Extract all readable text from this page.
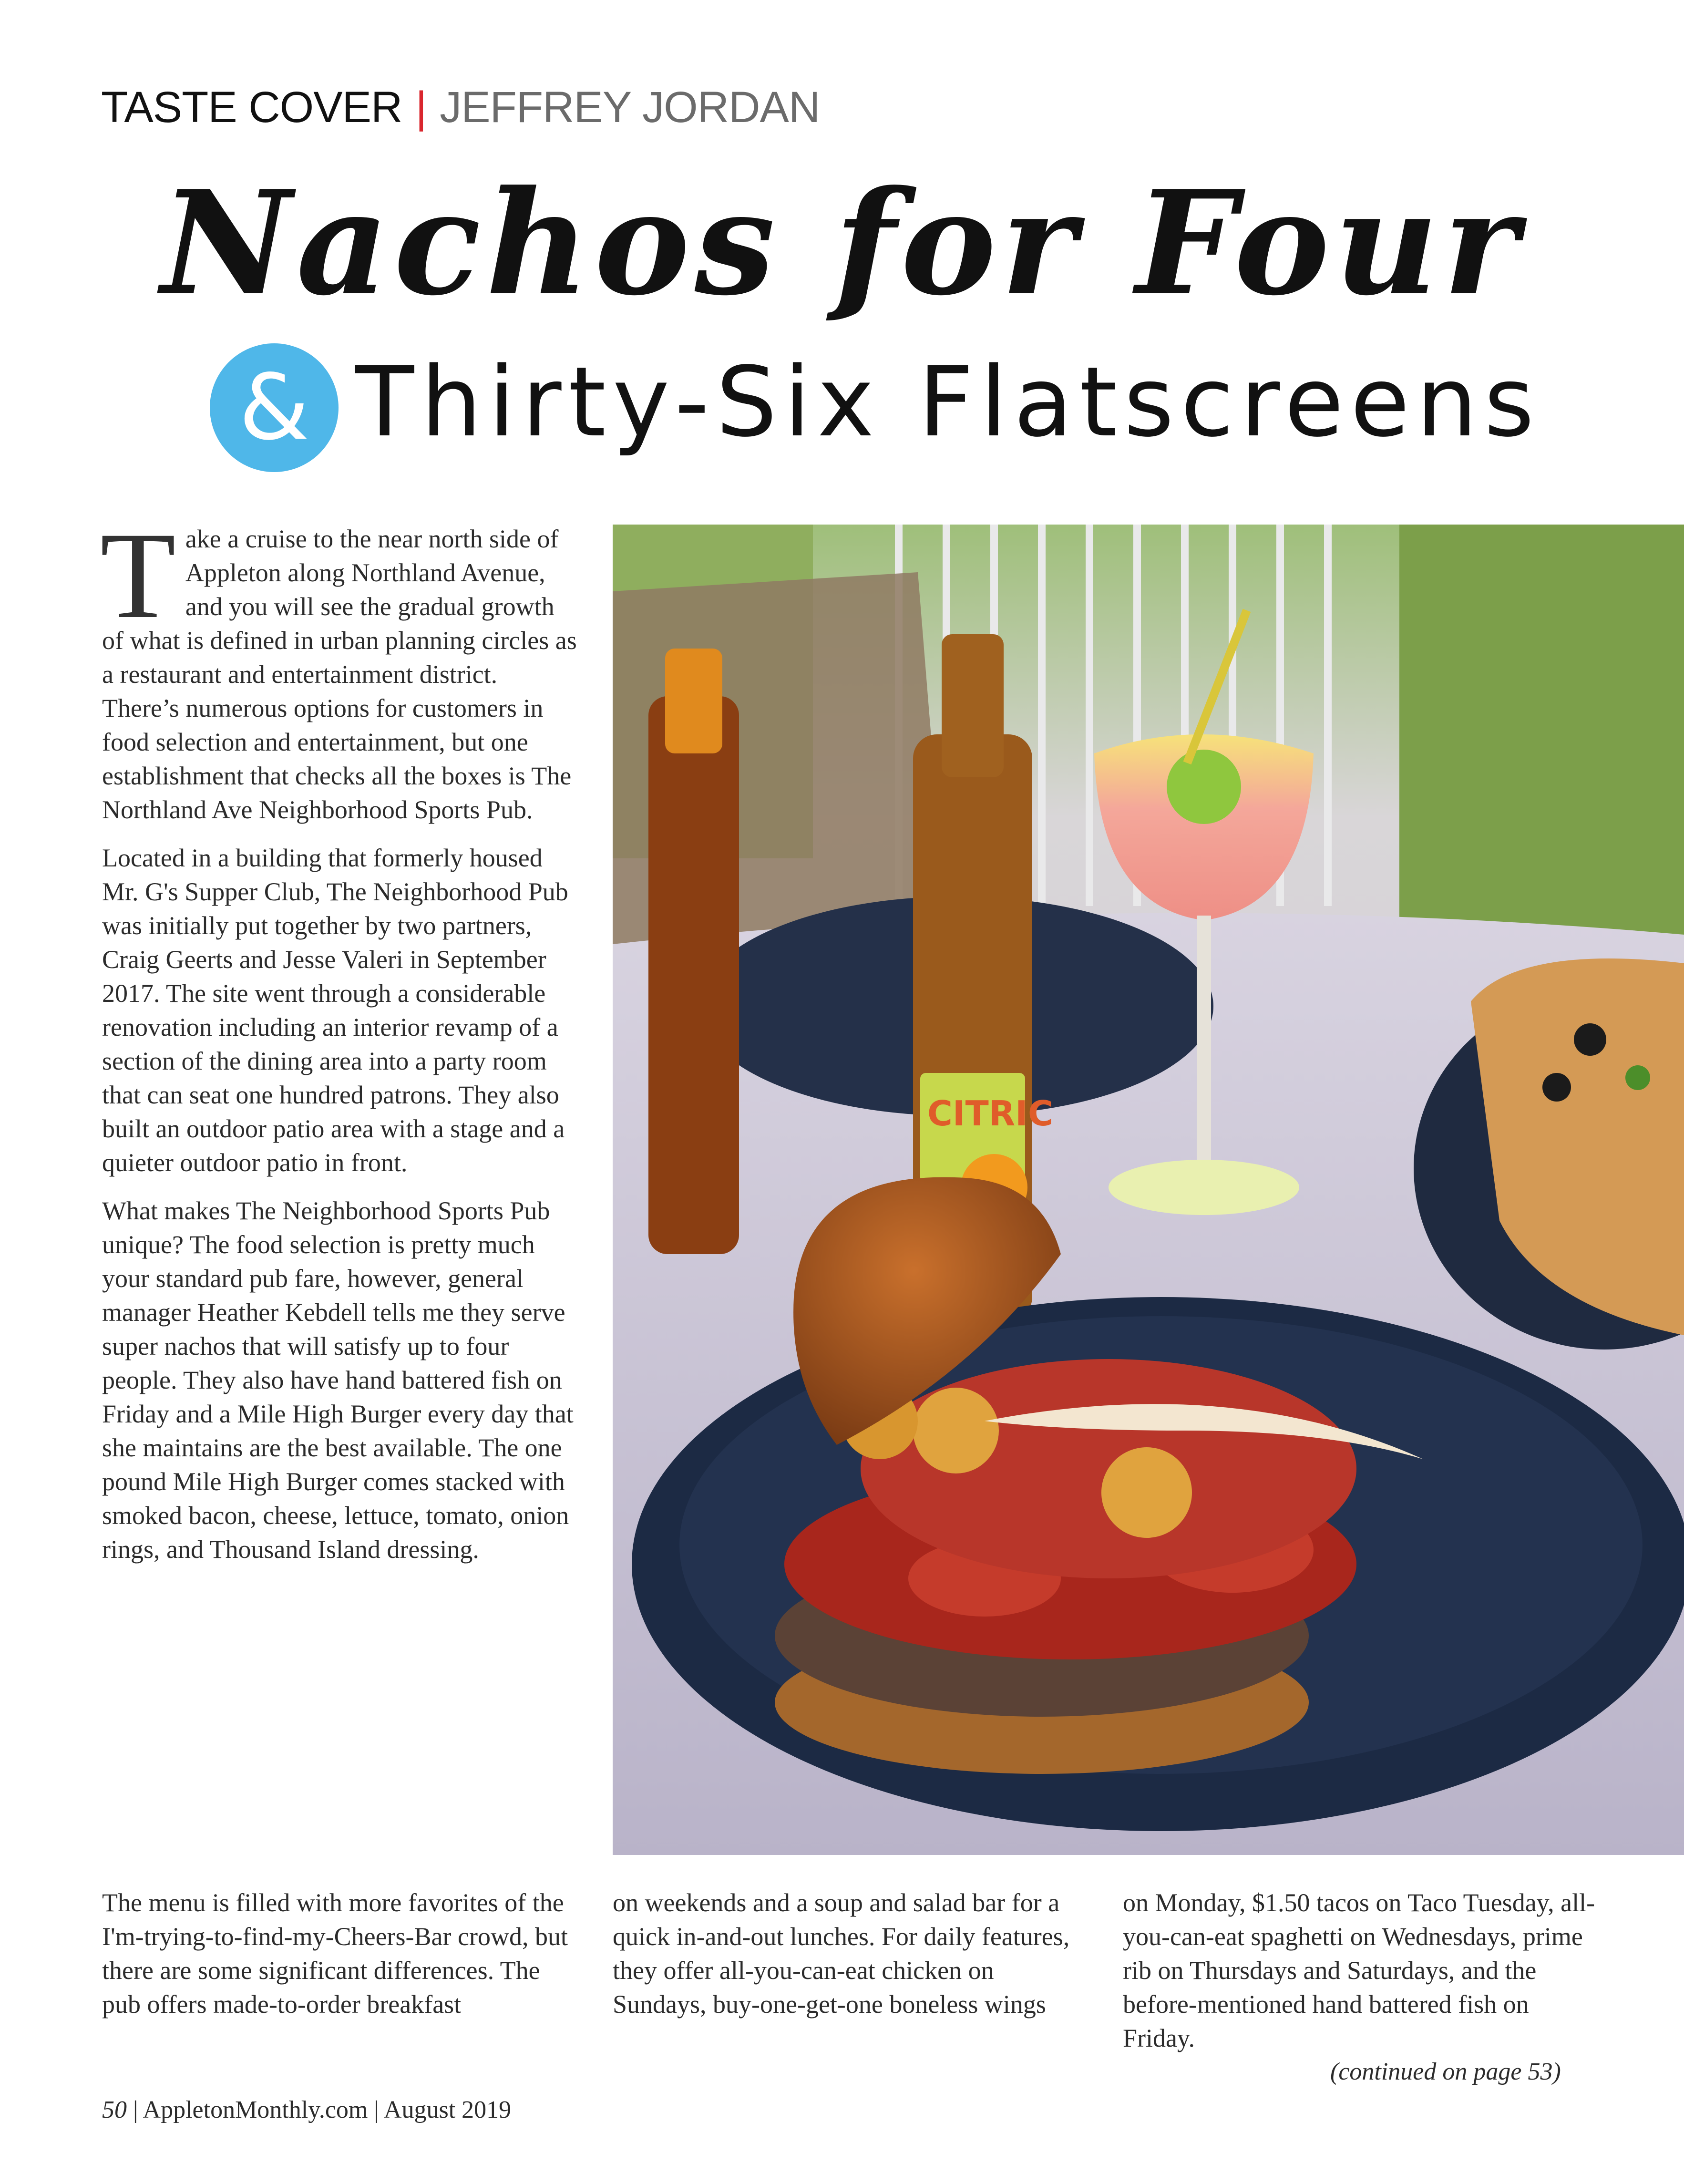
TASTE COVER | JEFFREY JORDAN
Nachos for Four
& Thirty-Six Flatscreens

Take a cruise to the near north side of Appleton along Northland Avenue, and you will see the gradual growth of what is defined in urban planning circles as a restaurant and entertainment district. There’s numerous options for customers in food selection and entertainment, but one establishment that checks all the boxes is The Northland Ave Neighborhood Sports Pub.

Located in a building that formerly housed Mr. G's Supper Club, The Neighborhood Pub was initially put together by two partners, Craig Geerts and Jesse Valeri in September 2017. The site went through a considerable renovation including an interior revamp of a section of the dining area into a party room that can seat one hundred patrons. They also built an outdoor patio area with a stage and a quieter outdoor patio in front.

What makes The Neighborhood Sports Pub unique? The food selection is pretty much your standard pub fare, however, general manager Heather Kebdell tells me they serve super nachos that will satisfy up to four people. They also have hand battered fish on Friday and a Mile High Burger every day that she maintains are the best available. The one pound Mile High Burger comes stacked with smoked bacon, cheese, lettuce, tomato, onion rings, and Thousand Island dressing.

The menu is filled with more favorites of the I'm-trying-to-find-my-Cheers-Bar crowd, but there are some significant differences. The pub offers made-to-order breakfast

on weekends and a soup and salad bar for a quick in-and-out lunches. For daily features, they offer all-you-can-eat chicken on Sundays, buy-one-get-one boneless wings

on Monday, $1.50 tacos on Taco Tuesday, all-you-can-eat spaghetti on Wednesdays, prime rib on Thursdays and Saturdays, and the before-mentioned hand battered fish on Friday.

CITRIC
(continued on page 53)
50 | AppletonMonthly.com | August 2019
